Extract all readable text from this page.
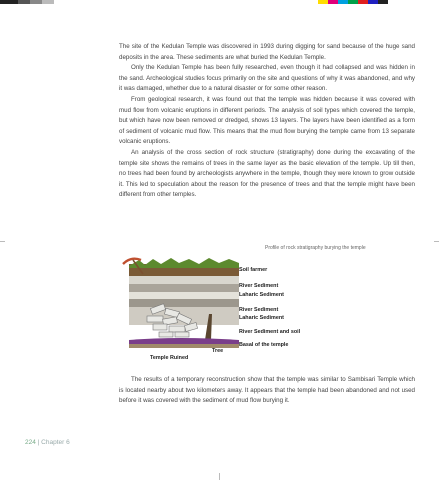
The site of the Kedulan Temple was discovered in 1993 during digging for sand because of the huge sand deposits in the area. These sediments are what buried the Kedulan Temple.

Only the Kedulan Temple has been fully researched, even though it had collapsed and was hidden in the sand. Archeological studies focus primarily on the site and questions of why it was abandoned, and why it was damaged, whether due to a natural disaster or for some other reason.

From geological research, it was found out that the temple was hidden because it was covered with mud flow from volcanic eruptions in different periods. The analysis of soil types which covered the temple, but which have now been removed or dredged, shows 13 layers. The layers have been identified as a form of sediment of volcanic mud flow. This means that the mud flow burying the temple came from 13 separate volcanic eruptions.

An analysis of the cross section of rock structure (stratigraphy) done during the excavating of the temple site shows the remains of trees in the same layer as the basic elevation of the temple. Up till then, no trees had been found by archeologists anywhere in the temple, though they were known to grow outside it. This led to speculation about the reason for the presence of trees and that the temple might have been different from other temples.

Profile of rock stratigraphy burying the temple
Soil farmer
River Sediment
Laharic Sediment
River Sediment
Laharic Sediment
River Sediment and soil
Basal of the temple
Tree
Temple Ruined

The results of a temporary reconstruction show that the temple was similar to Sambisari Temple which is located nearby about two kilometers away. It appears that the temple had been abandoned and not used before it was covered with the sediment of mud flow burying it.

224 | Chapter 6
